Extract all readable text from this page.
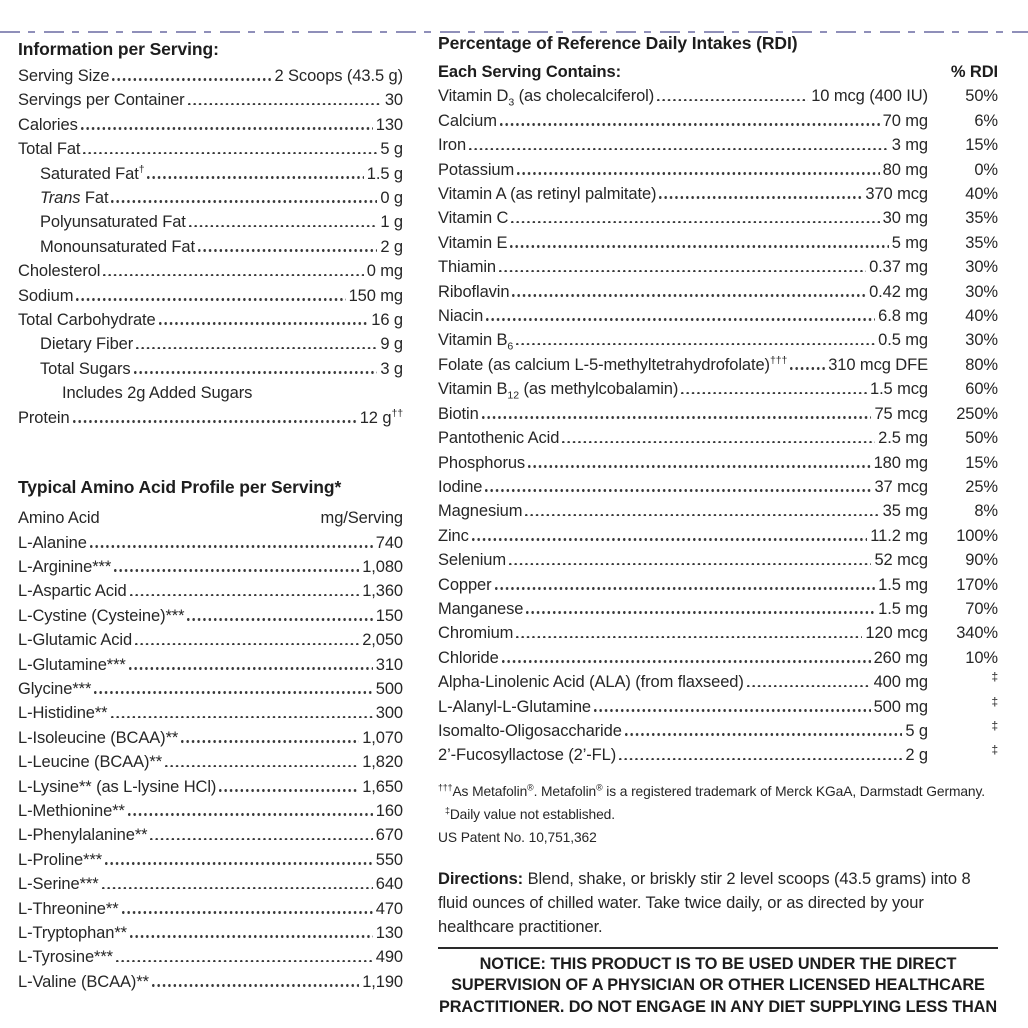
Information per Serving:
Serving Size	2 Scoops (43.5 g)
Servings per Container	30
Calories	130
Total Fat	5 g
Saturated Fat†	1.5 g
Trans Fat	0 g
Polyunsaturated Fat	1 g
Monounsaturated Fat	2 g
Cholesterol	0 mg
Sodium	150 mg
Total Carbohydrate	16 g
Dietary Fiber	9 g
Total Sugars	3 g
Includes 2g Added Sugars
Protein	12 g††
Typical Amino Acid Profile per Serving*
Amino Acid	mg/Serving
L-Alanine	740
L-Arginine***	1,080
L-Aspartic Acid	1,360
L-Cystine (Cysteine)***	150
L-Glutamic Acid	2,050
L-Glutamine***	310
Glycine***	500
L-Histidine**	300
L-Isoleucine (BCAA)**	1,070
L-Leucine (BCAA)**	1,820
L-Lysine** (as L-lysine HCl)	1,650
L-Methionine**	160
L-Phenylalanine**	670
L-Proline***	550
L-Serine***	640
L-Threonine**	470
L-Tryptophan**	130
L-Tyrosine***	490
L-Valine (BCAA)**	1,190
Percentage of Reference Daily Intakes (RDI)
Each Serving Contains:	% RDI
Vitamin $D_3$ (as cholecalciferol)	10 mcg (400 IU)	50%
Calcium	70 mg	6%
Iron	3 mg	15%
Potassium	80 mg	0%
Vitamin A (as retinyl palmitate)	370 mcg	40%
Vitamin C	30 mg	35%
Vitamin E	5 mg	35%
Thiamin	0.37 mg	30%
Riboflavin	0.42 mg	30%
Niacin	6.8 mg	40%
Vitamin $B_6$	0.5 mg	30%
Folate (as calcium L-5-methyltetrahydrofolate)††† 310 mcg DFE	80%
Vitamin $B_{12}$ (as methylcobalamin)	1.5 mcg	60%
Biotin	75 mcg	250%
Pantothenic Acid	2.5 mg	50%
Phosphorus	180 mg	15%
Iodine	37 mcg	25%
Magnesium	35 mg	8%
Zinc	11.2 mg	100%
Selenium	52 mcg	90%
Copper	1.5 mg	170%
Manganese	1.5 mg	70%
Chromium	120 mcg	340%
Chloride	260 mg	10%
Alpha-Linolenic Acid (ALA) (from flaxseed)	400 mg	‡
L-Alanyl-L-Glutamine	500 mg	‡
Isomalto-Oligosaccharide	5 g	‡
2’-Fucosyllactose (2’-FL)	2 g	‡
†††As Metafolin®. Metafolin® is a registered trademark of Merck KGaA, Darmstadt Germany.
‡Daily value not established.
US Patent No. 10,751,362
Directions: Blend, shake, or briskly stir 2 level scoops (43.5 grams) into 8 fluid ounces of chilled water. Take twice daily, or as directed by your healthcare practitioner.
NOTICE: THIS PRODUCT IS TO BE USED UNDER THE DIRECT SUPERVISION OF A PHYSICIAN OR OTHER LICENSED HEALTHCARE PRACTITIONER. DO NOT ENGAGE IN ANY DIET SUPPLYING LESS THAN
